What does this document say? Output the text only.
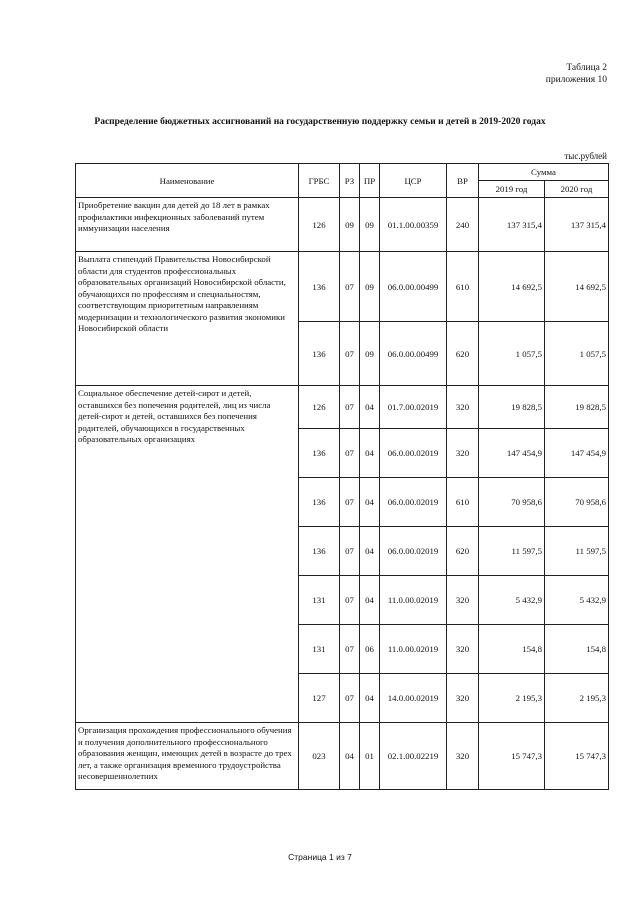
Таблица 2
приложения 10
Распределение бюджетных ассигнований на государственную поддержку семьи и детей в 2019-2020 годах
тыс.рублей
Наименование	ГРБС	РЗ	ПР	ЦСР	ВР	Сумма	
						2019 год	2020 год
Приобретение вакцин для детей до 18 лет в рамках профилактики инфекционных заболеваний путем иммунизации населения	126	09	09	01.1.00.00359	240	137 315,4	137 315,4
Выплата стипендий Правительства Новосибирской области для студентов профессиональных образовательных организаций Новосибирской области, обучающихся по профессиям и специальностям, соответствующим приоритетным направлениям модернизации и технологического развития экономики Новосибирской области	136	07	09	06.0.00.00499	610	14 692,5	14 692,5
	136	07	09	06.0.00.00499	620	1 057,5	1 057,5
Социальное обеспечение детей-сирот и детей, оставшихся без попечения родителей, лиц из числа детей-сирот и детей, оставшихся без попечения родителей, обучающихся в государственных образовательных организациях	126	07	04	01.7.00.02019	320	19 828,5	19 828,5
	136	07	04	06.0.00.02019	320	147 454,9	147 454,9
	136	07	04	06.0.00.02019	610	70 958,6	70 958,6
	136	07	04	06.0.00.02019	620	11 597,5	11 597,5
	131	07	04	11.0.00.02019	320	5 432,9	5 432,9
	131	07	06	11.0.00.02019	320	154,8	154,8
	127	07	04	14.0.00.02019	320	2 195,3	2 195,3
Организация прохождения профессионального обучения и получения дополнительного профессионального образования женщин, имеющих детей в возрасте до трех лет, а также организация временного трудоустройства несовершеннолетних	023	04	01	02.1.00.02219	320	15 747,3	15 747,3
Страница 1 из 7
